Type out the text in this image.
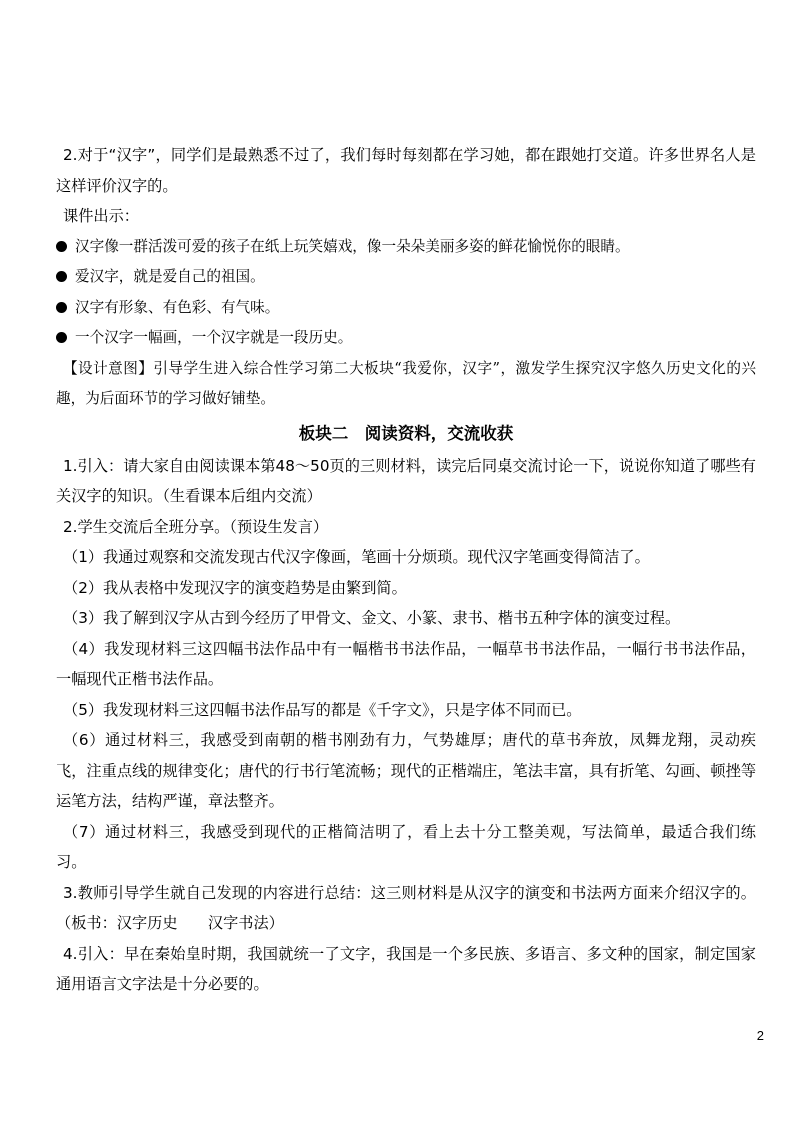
2.对于“汉字”，同学们是最熟悉不过了，我们每时每刻都在学习她，都在跟她打交道。许多世界名人是这样评价汉字的。

课件出示：

汉字像一群活泼可爱的孩子在纸上玩笑嬉戏，像一朵朵美丽多姿的鲜花愉悦你的眼睛。

爱汉字，就是爱自己的祖国。

汉字有形象、有色彩、有气味。

一个汉字一幅画，一个汉字就是一段历史。

【设计意图】引导学生进入综合性学习第二大板块“我爱你，汉字”，激发学生探究汉字悠久历史文化的兴趣，为后面环节的学习做好铺垫。

板块二　阅读资料，交流收获

1.引入：请大家自由阅读课本第48～50页的三则材料，读完后同桌交流讨论一下，说说你知道了哪些有关汉字的知识。（生看课本后组内交流）

2.学生交流后全班分享。（预设生发言）

（1）我通过观察和交流发现古代汉字像画，笔画十分烦琐。现代汉字笔画变得简洁了。

（2）我从表格中发现汉字的演变趋势是由繁到简。

（3）我了解到汉字从古到今经历了甲骨文、金文、小篆、隶书、楷书五种字体的演变过程。

（4）我发现材料三这四幅书法作品中有一幅楷书书法作品，一幅草书书法作品，一幅行书书法作品，一幅现代正楷书法作品。

（5）我发现材料三这四幅书法作品写的都是《千字文》，只是字体不同而已。

（6）通过材料三，我感受到南朝的楷书刚劲有力，气势雄厚；唐代的草书奔放，凤舞龙翔，灵动疾飞，注重点线的规律变化；唐代的行书行笔流畅；现代的正楷端庄，笔法丰富，具有折笔、勾画、顿挫等运笔方法，结构严谨，章法整齐。

（7）通过材料三，我感受到现代的正楷简洁明了，看上去十分工整美观，写法简单，最适合我们练习。

3.教师引导学生就自己发现的内容进行总结：这三则材料是从汉字的演变和书法两方面来介绍汉字的。（板书：汉字历史　　汉字书法）

4.引入：早在秦始皇时期，我国就统一了文字，我国是一个多民族、多语言、多文种的国家，制定国家通用语言文字法是十分必要的。

2
